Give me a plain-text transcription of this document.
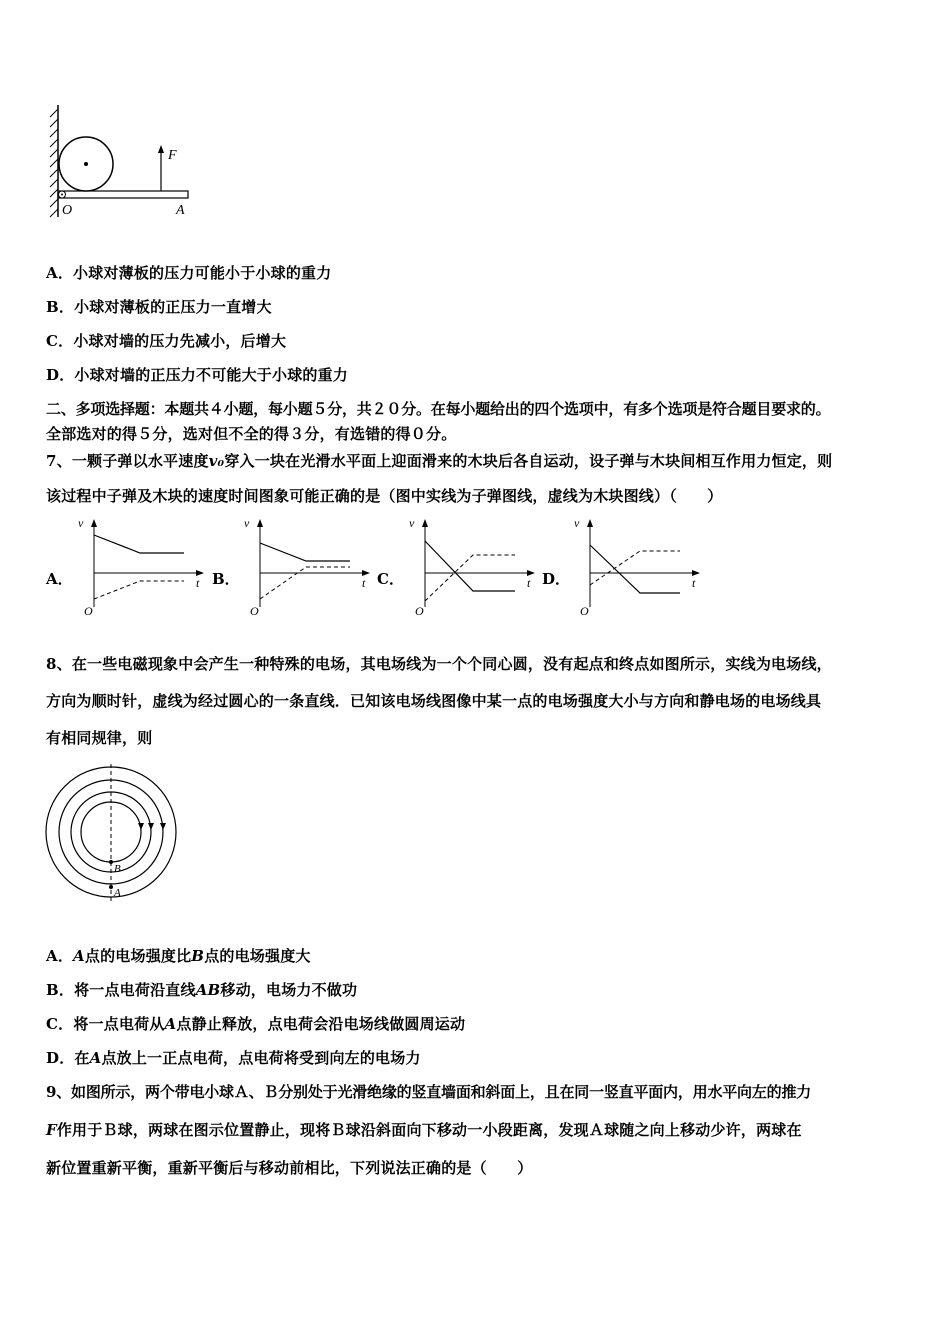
F
O	A
A．小球对薄板的压力可能小于小球的重力
B．小球对薄板的正压力一直增大
C．小球对墙的压力先减小，后增大
D．小球对墙的正压力不可能大于小球的重力
二、多项选择题：本题共４小题，每小题５分，共２０分。在每小题给出的四个选项中，有多个选项是符合题目要求的。
全部选对的得５分，选对但不全的得３分，有选错的得０分。
7、一颗子弹以水平速度v₀穿入一块在光滑水平面上迎面滑来的木块后各自运动，设子弹与木块间相互作用力恒定，则
该过程中子弹及木块的速度时间图象可能正确的是（图中实线为子弹图线，虚线为木块图线）（　　）
A．
v
t
O
B．
v
t
O
C．
v
t
O
D．
v
t
O
8、在一些电磁现象中会产生一种特殊的电场，其电场线为一个个同心圆，没有起点和终点如图所示，实线为电场线，
方向为顺时针，虚线为经过圆心的一条直线．已知该电场线图像中某一点的电场强度大小与方向和静电场的电场线具
有相同规律，则
B
A
A．A点的电场强度比B点的电场强度大
B．将一点电荷沿直线AB移动，电场力不做功
C．将一点电荷从A点静止释放，点电荷会沿电场线做圆周运动
D．在A点放上一正点电荷，点电荷将受到向左的电场力
9、如图所示，两个带电小球Ａ、Ｂ分别处于光滑绝缘的竖直墙面和斜面上，且在同一竖直平面内，用水平向左的推力
F作用于Ｂ球，两球在图示位置静止，现将Ｂ球沿斜面向下移动一小段距离，发现Ａ球随之向上移动少许，两球在
新位置重新平衡，重新平衡后与移动前相比，下列说法正确的是（　　）
